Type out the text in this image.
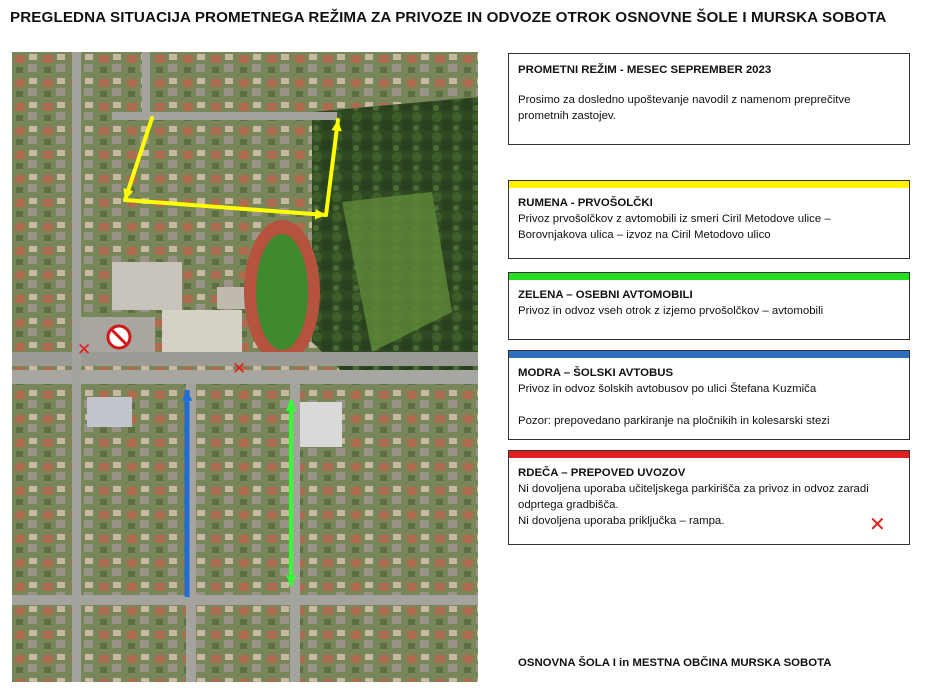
PREGLEDNA SITUACIJA PROMETNEGA REŽIMA ZA PRIVOZE IN ODVOZE OTROK OSNOVNE ŠOLE I MURSKA SOBOTA
✕
✕

PROMETNI REŽIM - MESEC SEPREMBER 2023

Prosimo za dosledno upoštevanje navodil z namenom preprečitve prometnih zastojev.

RUMENA - PRVOŠOLČKI

Privoz prvošolčkov z avtomobili iz smeri Ciril Metodove ulice – Borovnjakova ulica – izvoz na Ciril Metodovo ulico

ZELENA – OSEBNI AVTOMOBILI

Privoz in odvoz vseh otrok z izjemo prvošolčkov – avtomobili

MODRA – ŠOLSKI AVTOBUS

Privoz in odvoz šolskih avtobusov po ulici Štefana Kuzmiča

Pozor: prepovedano parkiranje na pločnikih in kolesarski stezi

RDEČA – PREPOVED UVOZOV

Ni dovoljena uporaba učiteljskega parkirišča za privoz in odvoz zaradi odprtega gradbišča.

Ni dovoljena uporaba priključka – rampa.	✕
OSNOVNA ŠOLA I in MESTNA OBČINA MURSKA SOBOTA
